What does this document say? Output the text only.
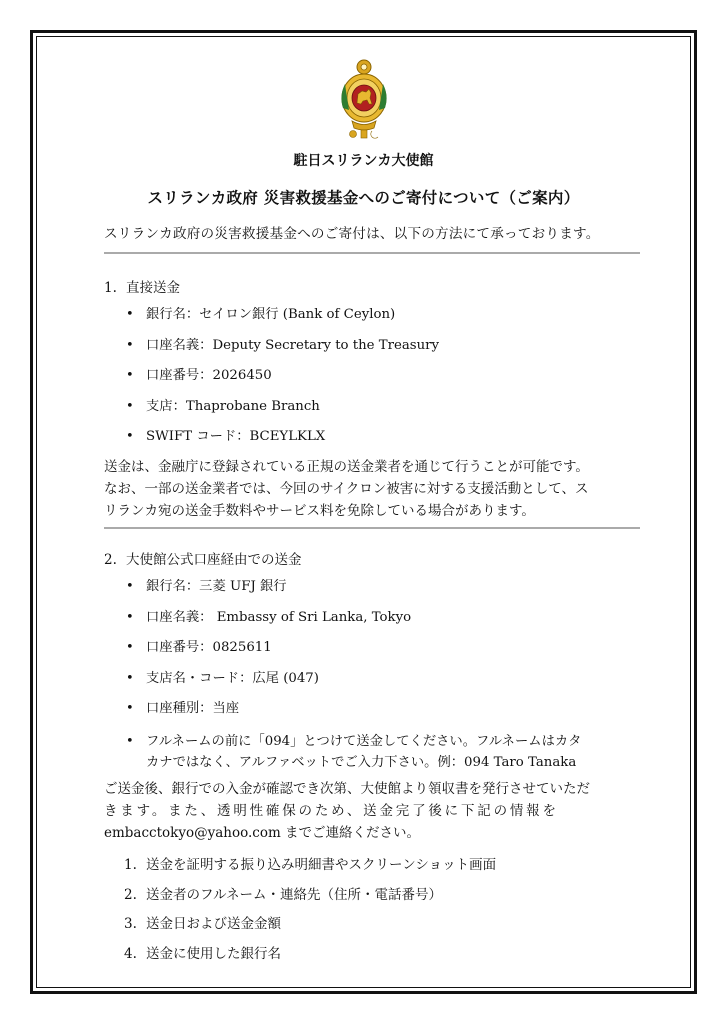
駐日スリランカ大使館
スリランカ政府 災害救援基金へのご寄付について（ご案内）
スリランカ政府の災害救援基金へのご寄付は、以下の方法にて承っております。
1. 直接送金
• 銀行名：セイロン銀行 (Bank of Ceylon)
• 口座名義：Deputy Secretary to the Treasury
• 口座番号：2026450
• 支店：Thaprobane Branch
• SWIFT コード：BCEYLKLX
送金は、金融庁に登録されている正規の送金業者を通じて行うことが可能です。
なお、一部の送金業者では、今回のサイクロン被害に対する支援活動として、ス
リランカ宛の送金手数料やサービス料を免除している場合があります。
2. 大使館公式口座経由での送金
• 銀行名：三菱 UFJ 銀行
• 口座名義： Embassy of Sri Lanka, Tokyo
• 口座番号：0825611
• 支店名・コード：広尾 (047)
• 口座種別：当座
• フルネームの前に「094」とつけて送金してください。フルネームはカタ
カナではなく、アルファベットでご入力下さい。例：094 Taro Tanaka
ご送金後、銀行での入金が確認でき次第、大使館より領収書を発行させていただ
きます。また、透明性確保のため、送金完了後に下記の情報を
embacctokyo@yahoo.com までご連絡ください。
1. 送金を証明する振り込み明細書やスクリーンショット画面
2. 送金者のフルネーム・連絡先（住所・電話番号）
3. 送金日および送金金額
4. 送金に使用した銀行名
